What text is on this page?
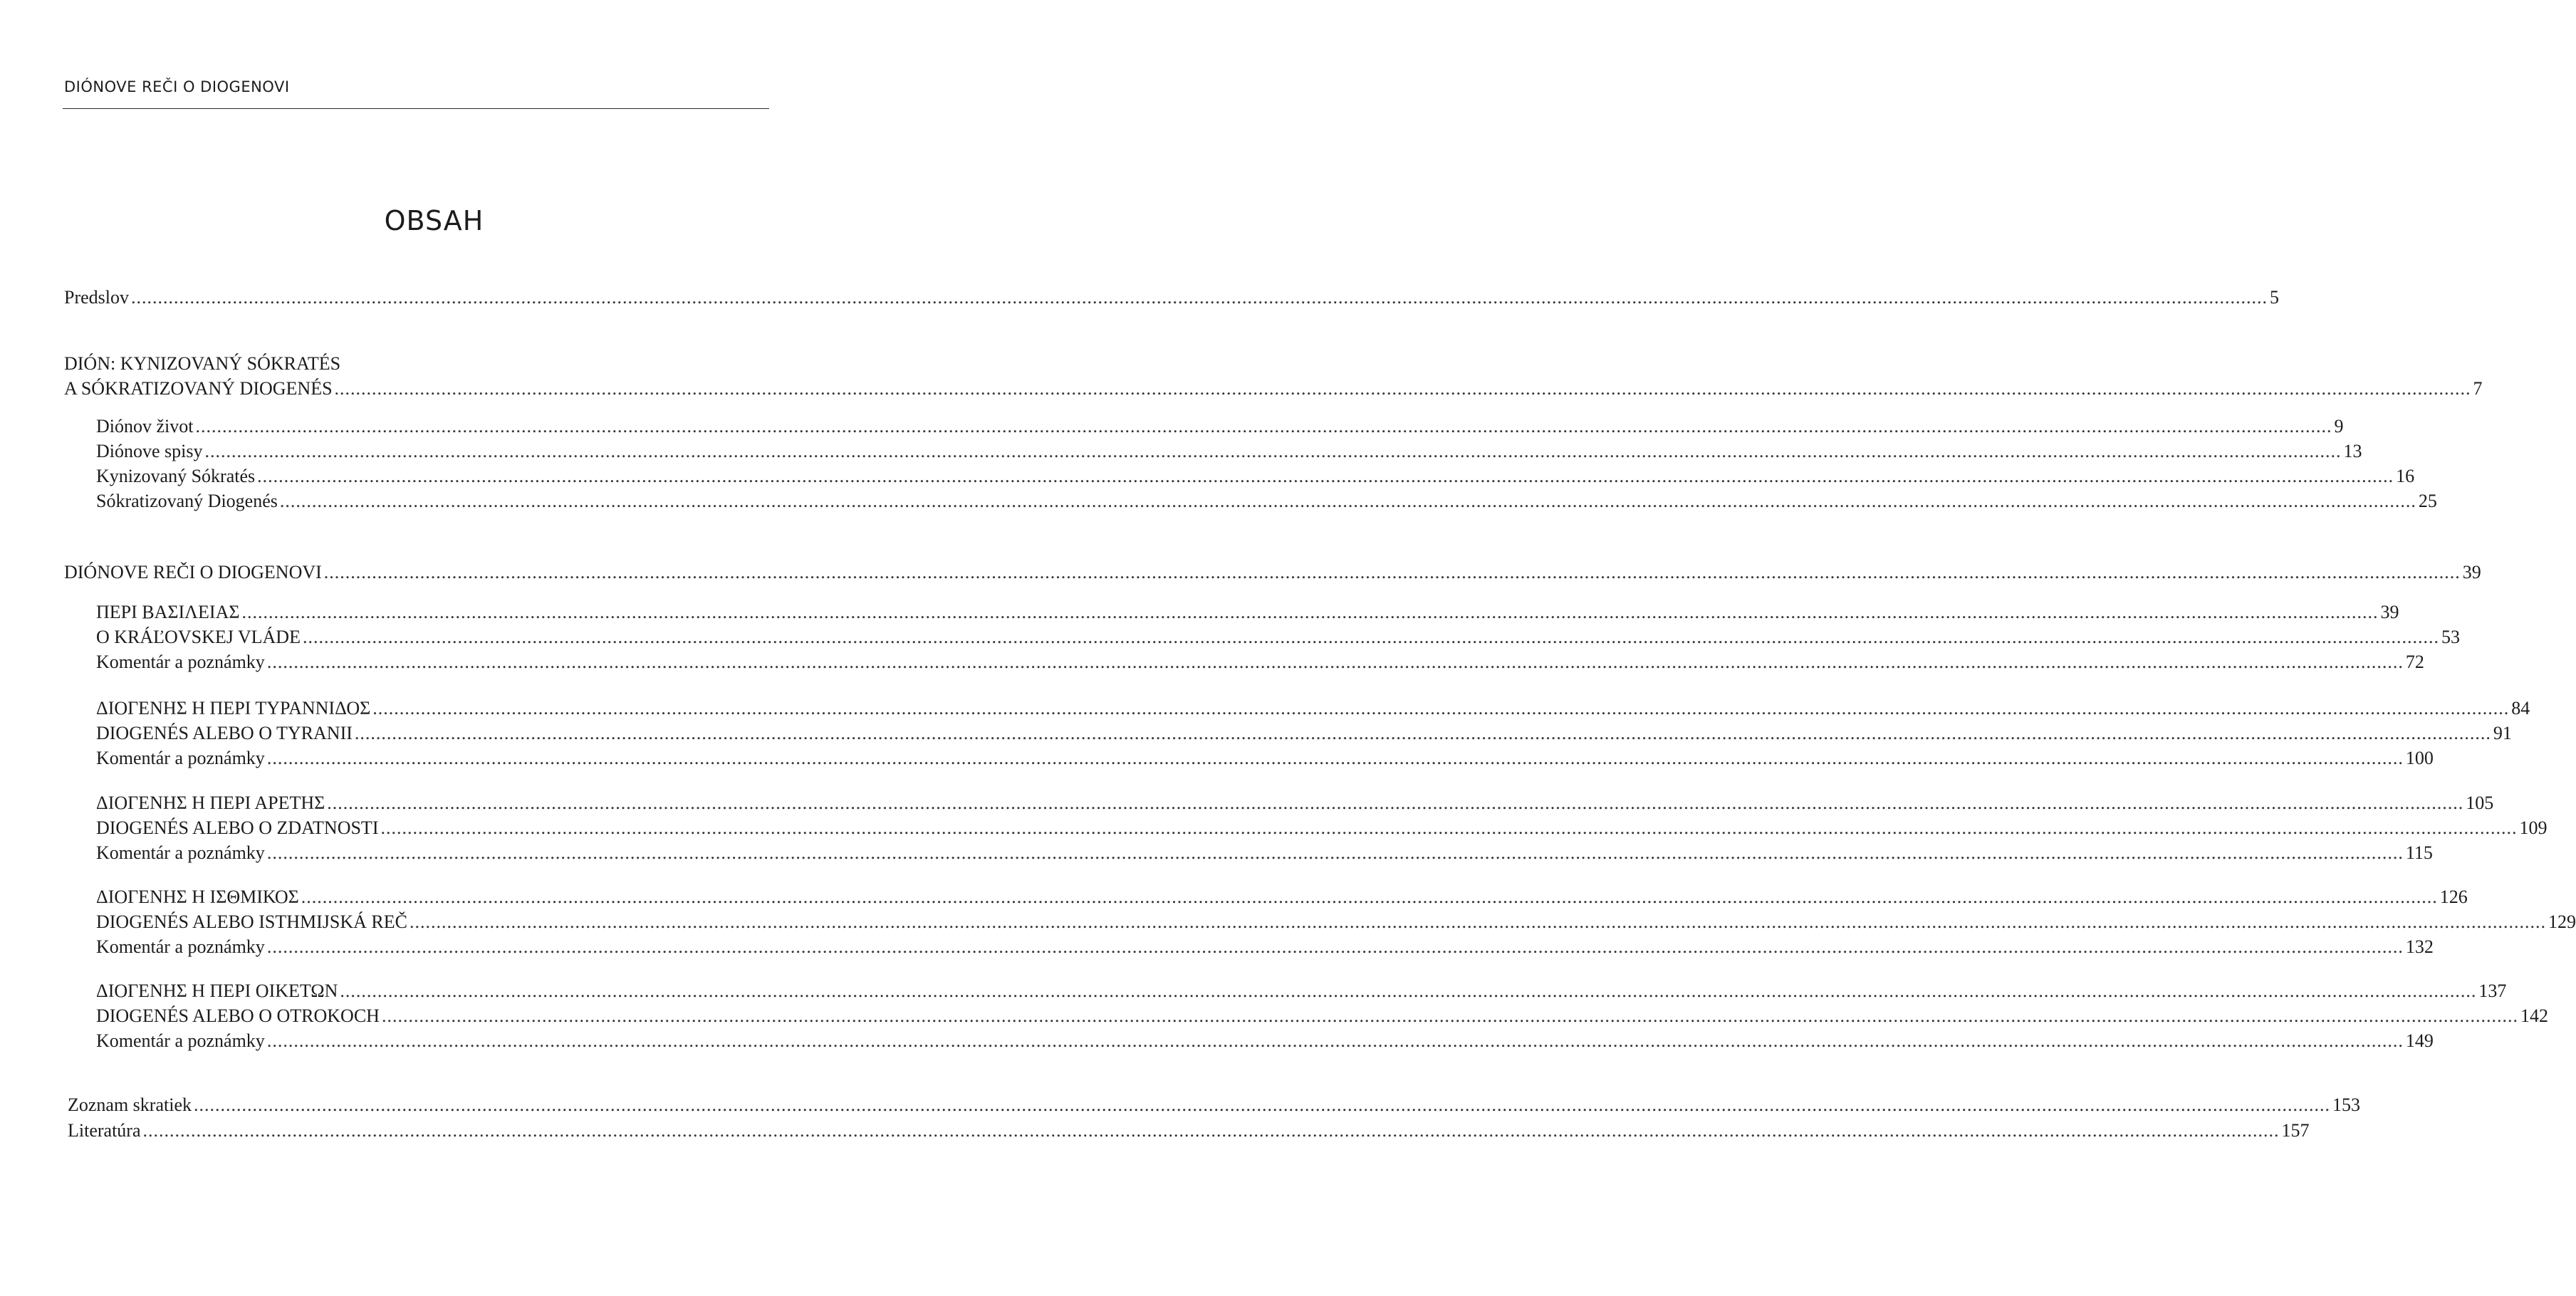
DIÓNOVE REČI O DIOGENOVI
OBSAH
Predslov ................................................................................................................................................................................................................................................................................................................................................................................................................ 5
DIÓN: KYNIZOVANÝ SÓKRATÉS
A SÓKRATIZOVANÝ DIOGENÉS ................................................................................................................................................................................................................................................................................................................................................................................................................ 7
Diónov život ................................................................................................................................................................................................................................................................................................................................................................................................................ 9
Diónove spisy ................................................................................................................................................................................................................................................................................................................................................................................................................ 13
Kynizovaný Sókratés ................................................................................................................................................................................................................................................................................................................................................................................................................ 16
Sókratizovaný Diogenés ................................................................................................................................................................................................................................................................................................................................................................................................................ 25
DIÓNOVE REČI O DIOGENOVI ................................................................................................................................................................................................................................................................................................................................................................................................................ 39
ΠΕΡΙ ΒΑΣΙΛΕΙΑΣ ................................................................................................................................................................................................................................................................................................................................................................................................................ 39
O KRÁĽOVSKEJ VLÁDE ................................................................................................................................................................................................................................................................................................................................................................................................................ 53
Komentár a poznámky ................................................................................................................................................................................................................................................................................................................................................................................................................ 72
ΔΙΟΓΕΝΗΣ Η ΠΕΡΙ ΤΥΡΑΝΝΙΔΟΣ ................................................................................................................................................................................................................................................................................................................................................................................................................ 84
DIOGENÉS ALEBO O TYRANII ................................................................................................................................................................................................................................................................................................................................................................................................................ 91
Komentár a poznámky ................................................................................................................................................................................................................................................................................................................................................................................................................ 100
ΔΙΟΓΕΝΗΣ Η ΠΕΡΙ ΑΡΕΤΗΣ ................................................................................................................................................................................................................................................................................................................................................................................................................ 105
DIOGENÉS ALEBO O ZDATNOSTI ................................................................................................................................................................................................................................................................................................................................................................................................................ 109
Komentár a poznámky ................................................................................................................................................................................................................................................................................................................................................................................................................ 115
ΔΙΟΓΕΝΗΣ Η ΙΣΘΜΙΚΟΣ ................................................................................................................................................................................................................................................................................................................................................................................................................ 126
DIOGENÉS ALEBO ISTHMIJSKÁ REČ ................................................................................................................................................................................................................................................................................................................................................................................................................ 129
Komentár a poznámky ................................................................................................................................................................................................................................................................................................................................................................................................................ 132
ΔΙΟΓΕΝΗΣ Η ΠΕΡΙ ΟΙΚΕΤΩΝ ................................................................................................................................................................................................................................................................................................................................................................................................................ 137
DIOGENÉS ALEBO O OTROKOCH ................................................................................................................................................................................................................................................................................................................................................................................................................ 142
Komentár a poznámky ................................................................................................................................................................................................................................................................................................................................................................................................................ 149
Zoznam skratiek ................................................................................................................................................................................................................................................................................................................................................................................................................ 153
Literatúra ................................................................................................................................................................................................................................................................................................................................................................................................................ 157
